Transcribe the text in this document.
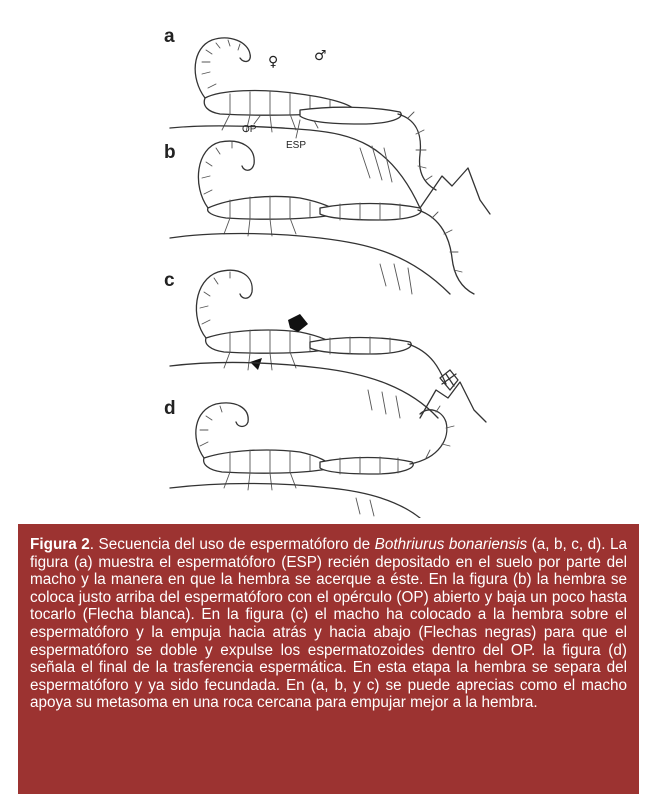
a
♀	♂
OP
ESP
b
c
d
Figura 2. Secuencia del uso de espermatóforo de Bothriurus bonariensis (a, b, c, d). La figura (a) muestra el espermatóforo (ESP) recién depositado en el suelo por parte del macho y la manera en que la hembra se acerque a éste. En la figura (b) la hembra se coloca justo arriba del espermatóforo con el opérculo (OP) abierto y baja un poco hasta tocarlo (Flecha blanca). En la figura (c) el macho ha colocado a la hembra sobre el espermatóforo y la empuja hacia atrás y hacia abajo (Flechas negras) para que el espermatóforo se doble y expulse los espermatozoides dentro del OP. la figura (d) señala el final de la trasferencia espermática. En esta etapa la hembra se separa del espermatóforo y ya sido fecundada. En (a, b, y c) se puede aprecias como el macho apoya su metasoma en una roca cercana para empujar mejor a la hembra.
